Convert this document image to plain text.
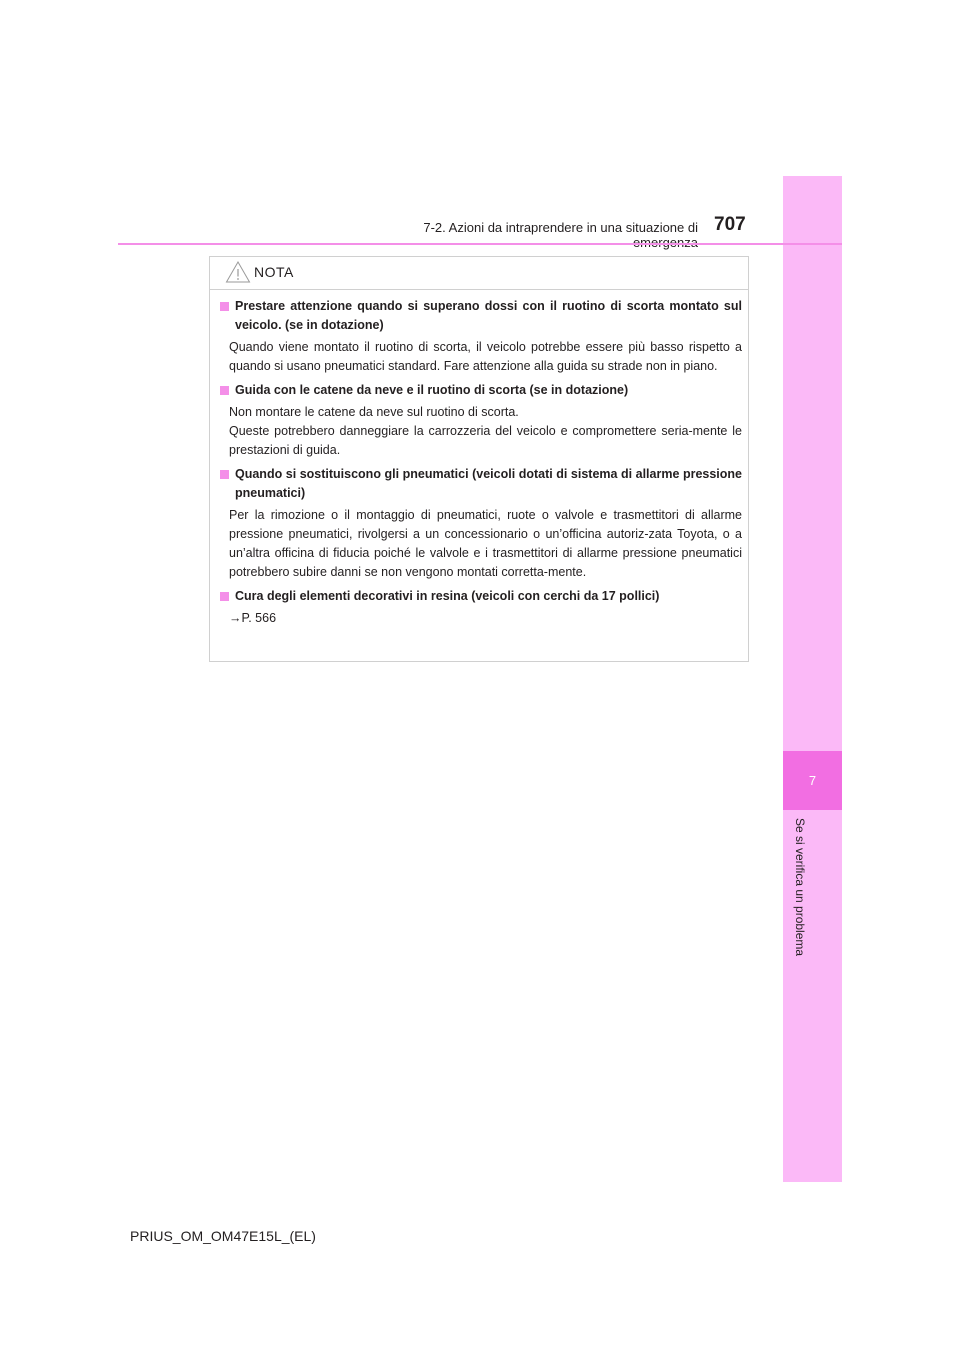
7
Se si verifica un problema
7-2. Azioni da intraprendere in una situazione di 707
NOTA
Prestare attenzione quando si superano dossi con il ruotino di scorta montato sul veicolo. (se in dotazione)

Quando viene montato il ruotino di scorta, il veicolo potrebbe essere più basso rispetto a quando si usano pneumatici standard. Fare attenzione alla guida su strade non in piano.

Guida con le catene da neve e il ruotino di scorta (se in dotazione)

Non montare le catene da neve sul ruotino di scorta.

Queste potrebbero danneggiare la carrozzeria del veicolo e compromettere seria-mente le prestazioni di guida.

Quando si sostituiscono gli pneumatici (veicoli dotati di sistema di allarme pressione pneumatici)

Per la rimozione o il montaggio di pneumatici, ruote o valvole e trasmettitori di allarme pressione pneumatici, rivolgersi a un concessionario o un’officina autoriz-zata Toyota, o a un’altra officina di fiducia poiché le valvole e i trasmettitori di allarme pressione pneumatici potrebbero subire danni se non vengono montati corretta-mente.

Cura degli elementi decorativi in resina (veicoli con cerchi da 17 pollici)

→P. 566

PRIUS_OM_OM47E15L_(EL)
